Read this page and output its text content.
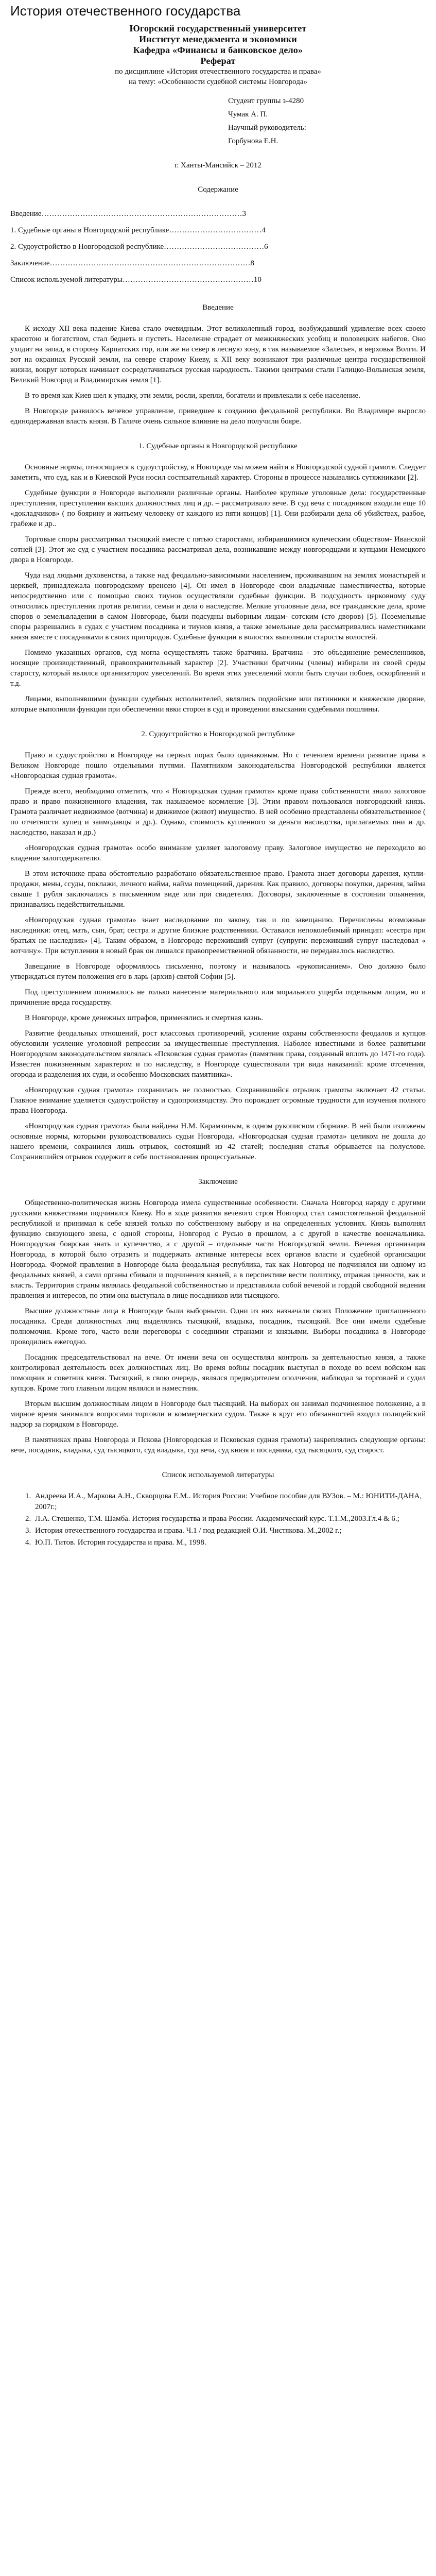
История отечественного государства
Югорский государственный университет
Институт менеджмента и экономики
Кафедра «Финансы и банковское дело»
Реферат
по дисциплине «История отечественного государства и права»
на тему: «Особенности судебной системы Новгорода»
Студент группы з-4280
Чумак А. П.
Научный руководитель:
Горбунова Е.Н.
г. Ханты-Мансийск – 2012
Содержание
Введение……………………………………………………………………3
1. Судебные органы в Новгородской республике………………………………4
2. Судоустройство в Новгородской республике…………………………………6
Заключение……………………………………………………………………8
Список используемой литературы……………………………………………10
Введение

К исходу XII века падение Киева стало очевидным. Этот великолепный город, возбуждавший удивление всех своею красотою и богатством, стал беднеть и пустеть. Население страдает от межкняжеских усобиц и половецких набегов. Оно уходит на запад, в сторону Карпатских гор, или же на север в лесную зону, в так называемое «Залесье», в верховья Волги. И вот на окраинах Русской земли, на севере старому Киеву, к XII веку возникают три различные центра государственной жизни, вокруг которых начинает сосредотачиваться русская народность. Такими центрами стали Галицко-Волынская земля, Великий Новгород и Владимирская земля [1].

В то время как Киев шел к упадку, эти земли, росли, крепли, богатели и привлекали к себе население.

В Новгороде развилось вечевое управление, приведшее к созданию феодальной республики. Во Владимире выросло единодержавная власть князя. В Галиче очень сильное влияние на дело получили бояре.

1. Судебные органы в Новгородской республике

Основные нормы, относящиеся к судоустройству, в Новгороде мы можем найти в Новгородской судной грамоте. Следует заметить, что суд, как и в Киевской Руси носил состязательный характер. Стороны в процессе назывались сутяжниками [2].

Судебные функции в Новгороде выполняли различные органы. Наиболее крупные уголовные дела: государственные преступления, преступления высших должностных лиц и др. – рассматривало вече. В суд веча с посадником входили еще 10 «докладчиков» ( по боярину и житьему человеку от каждого из пяти концов) [1]. Они разбирали дела об убийствах, разбое, грабеже и др..

Торговые споры рассматривал тысяцкий вместе с пятью старостами, избиравшимися купеческим обществом- Иванской сотней [3]. Этот же суд с участием посадника рассматривал дела, возникавшие между новгородцами и купцами Немецкого двора в Новгороде.

Чуда над людьми духовенства, а также над феодально-зависимыми населением, проживавшим на землях монастырей и церквей, принадлежала новгородскому вренсею [4]. Он имел в Новгороде свои владычные наместничества, которые непосредственно или с помощью своих тиунов осуществляли судебные функции. В подсудность церковному суду относились преступления против религии, семьи и дела о наследстве. Мелкие уголовные дела, все гражданские дела, кроме споров о земельвладении в самом Новгороде, были подсудны выборным лицам- сотским (сто дворов) [5]. Поземельные споры разрешались в судах с участием посадника и тиунов князя, а также земельные дела рассматривались наместниками князя вместе с посадниками в своих пригородов. Судебные функции в волостях выполняли старосты волостей.

Помимо указанных органов, суд могла осуществлять также братчина. Братчина - это объединение ремесленников, носящие производственный, правоохранительный характер [2]. Участники братчины (члены) избирали из своей среды старосту, который являлся организатором увеселений. Во время этих увеселений могли быть случаи побоев, оскорблений и т.д.

Лицами, выполнявшими функции судебных исполнителей, являлись подвойские или пятинники и княжеские дворяне, которые выполняли функции при обеспечении явки сторон в суд и проведении взыскания судебными пошлины.

2. Судоустройство в Новгородской республике

Право и судоустройство в Новгороде на первых порах было одинаковым. Но с течением времени развитие права в Великом Новгороде пошло отдельными путями. Памятником законодательства Новгородской республики является «Новгородская судная грамота».

Прежде всего, необходимо отметить, что « Новгородская судная грамота» кроме права собственности знало залоговое право и право пожизненного владения, так называемое кормление [3]. Этим правом пользовался новгородский князь. Грамота различает недвижимое (вотчина) и движимое (живот) имущество. В ней особенно представлены обязательственное ( по отчетности купец и заимодавцы и др.). Однако, стоимость купленного за деньги наследства, прилагаемых пни и др. наследство, наказал и др.)

«Новгородская судная грамота» особо внимание уделяет залоговому праву. Залоговое имущество не переходило во владение залогодержателю.

В этом источнике права обстоятельно разработано обязательственное право. Грамота знает договоры дарения, купли-продажи, мены, ссуды, поклажи, личного найма, найма помещений, дарения. Как правило, договоры покупки, дарения, займа свыше 1 рубля заключались в письменном виде или при свидетелях. Договоры, заключенные в состоянии опьянения, признавались недействительными.

«Новгородская судная грамота» знает наследование по закону, так и по завещанию. Перечислены возможные наследники: отец, мать, сын, брат, сестра и другие близкие родственники. Оставался непоколебимый принцип: «сестра при братьях не наследник» [4]. Таким образом, в Новгороде переживший супруг (супруги: переживший супруг наследовал « вотчину». При вступлении в новый брак он лишался правопреемственной обязанности, не передавалось наследство.

Завещание в Новгороде оформлялось письменно, поэтому и называлось «рукописанием». Оно должно было утверждаться путем положения его в ларь (архив) святой Софии [5].

Под преступлением понималось не только нанесение материального или морального ущерба отдельным лицам, но и причинение вреда государству.

В Новгороде, кроме денежных штрафов, применялись и смертная казнь.

Развитие феодальных отношений, рост классовых противоречий, усиление охраны собственности феодалов и купцов обусловили усиление уголовной репрессии за имущественные преступления. Наболее известными и более развитыми Новгородском законодательством являлась «Псковская судная грамота» (памятник права, созданный вплоть до 1471-го года). Известен пожизненным характером и по наследству, в Новгороде существовали три вида наказаний: кроме отсечения, огорода и разделения их суди, и особенно Московских памятника».

«Новгородская судная грамота» сохранилась не полностью. Сохранившийся отрывок грамоты включает 42 статьи. Главное внимание уделяется судоустройству и судопроизводству. Это порождает огромные трудности для изучения полного права Новгорода.

«Новгородская судная грамота» была найдена Н.М. Карамзиным, в одном рукописном сборнике. В ней были изложены основные нормы, которыми руководствовались судьи Новгорода. «Новгородская судная грамота» целиком не дошла до нашего времени, сохранился лишь отрывок, состоящий из 42 статей; последняя статья обрывается на полуслове. Сохранившийся отрывок содержит в себе постановления процессуальные.

Заключение

Общественно-политическая жизнь Новгорода имела существенные особенности. Сначала Новгород наряду с другими русскими княжествами подчинялся Киеву. Но в ходе развития вечевого строя Новгород стал самостоятельной феодальной республикой и принимал к себе князей только по собственному выбору и на определенных условиях. Князь выполнял функцию связующего звена, с одной стороны, Новгород с Русью в прошлом, а с другой в качестве военачальника. Новгородская боярская знать и купечество, а с другой – отдельные части Новгородской земли. Вечевая организация Новгорода, в которой было отразить и поддержать активные интересы всех органов власти и судебной организации Новгорода. Формой правления в Новгороде была феодальная республика, так как Новгород не подчинялся ни одному из феодальных князей, а сами органы сбивали и подчинения князей, а в перспективе вести политику, отражая ценности, как и власть. Территория страны являлась феодальной собственностью и представляла собой вечевой и гордой свободной ведения правления и интересов, по этим она выступала в лице посадников или тысяцкого.

Высшие должностные лица в Новгороде были выборными. Одни из них назначали своих Положение приглашенного посадника. Среди должностных лиц выделялись тысяцкий, владыка, посадник, тысяцкий. Все они имели судебные полномочия. Кроме того, часто вели переговоры с соседними странами и князьями. Выборы посадника в Новгороде проводились ежегодно.

Посадник председательствовал на вече. От имени веча он осуществлял контроль за деятельностью князя, а также контролировал деятельность всех должностных лиц. Во время войны посадник выступал в походе во всем войском как помощник и советник князя. Тысяцкий, в свою очередь, являлся предводителем ополчения, наблюдал за торговлей и судил купцов. Кроме того главным лицом являлся и наместник.

Вторым высшим должностным лицом в Новгороде был тысяцкий. На выборах он занимал подчиненное положение, а в мирное время занимался вопросами торговли и коммерческим судом. Также в круг его обязанностей входил полицейский надзор за порядком в Новгороде.

В памятниках права Новгорода и Пскова (Новгородская и Псковская судная грамоты) закреплялись следующие органы: вече, посадник, владыка, суд тысяцкого, суд владыка, суд веча, суд князя и посадника, суд тысяцкого, суд старост.

Список используемой литературы
1. Андреева И.А., Маркова А.Н., Скворцова Е.М.. История России: Учебное пособие для ВУЗов. – М.: ЮНИТИ-ДАНА, 2007г.;
2. Л.А. Стешенко, Т.М. Шамба. История государства и права России. Академический курс. Т.1.М.,2003.Гл.4 & 6.;
3. История отечественного государства и права. Ч.1 / под редакцией О.И. Чистякова. М.,2002 г.;
4. Ю.П. Титов. История государства и права. М., 1998.
